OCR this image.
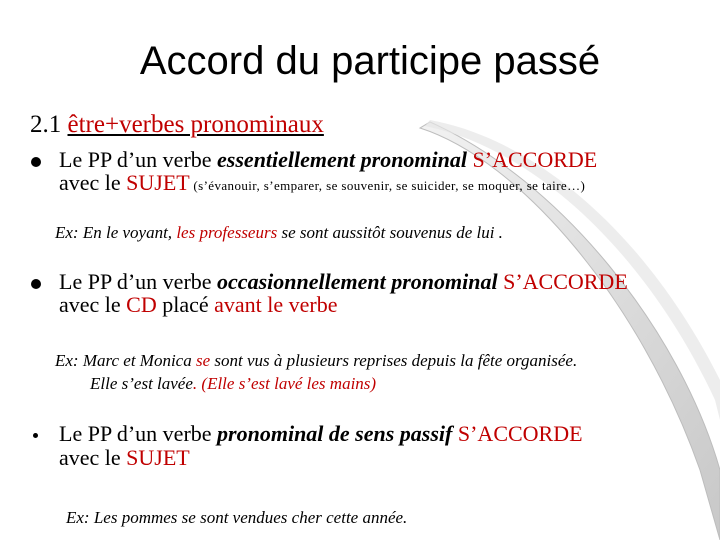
Accord du participe passé
2.1 être+verbes pronominaux
Le PP d’un verbe essentiellement pronominal S’ACCORDE
avec le SUJET (s’évanouir, s’emparer, se souvenir, se suicider, se moquer, se taire…)
Ex: En le voyant, les professeurs se sont aussitôt souvenus de lui .
Le PP d’un verbe occasionnellement pronominal S’ACCORDE
avec le CD placé avant le verbe
Ex: Marc et Monica se sont vus à plusieurs reprises depuis la fête organisée.
Elle s’est lavée. (Elle s’est lavé les mains)
Le PP d’un verbe pronominal de sens passif S’ACCORDE
avec le SUJET
Ex: Les pommes se sont vendues cher cette année.
